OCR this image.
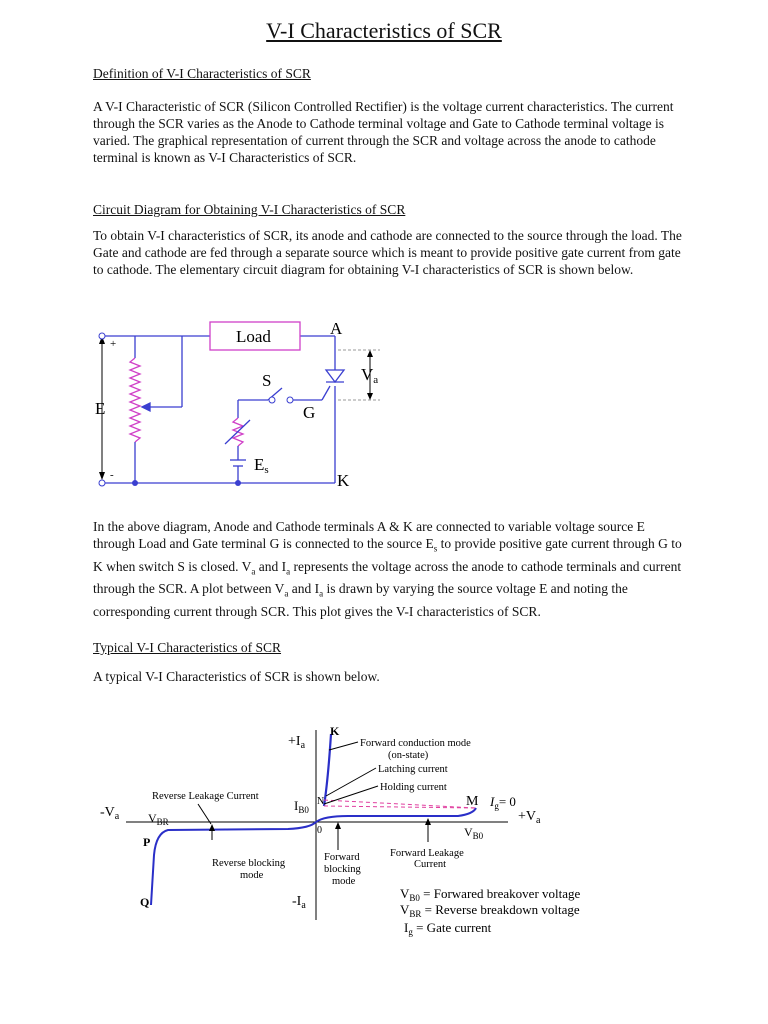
V-I Characteristics of SCR
Definition of V-I Characteristics of SCR

A V-I Characteristic of SCR (Silicon Controlled Rectifier) is the voltage current characteristics. The current through the SCR varies as the Anode to Cathode terminal voltage and Gate to Cathode terminal voltage is varied. The graphical representation of current through the SCR and voltage across the anode to cathode terminal is known as V-I Characteristics of SCR.

Circuit Diagram for Obtaining V-I Characteristics of SCR

To obtain V-I characteristics of SCR, its anode and cathode are connected to the source through the load. The Gate and cathode are fed through a separate source which is meant to provide positive gate current from gate to cathode. The elementary circuit diagram for obtaining V-I characteristics of SCR is shown below.

Load	A
K
S
G
E
Es
Va
+
-

In the above diagram, Anode and Cathode terminals A & K are connected to variable voltage source E through Load and Gate terminal G is connected to the source $E_s$ to provide positive gate current through G to K when switch S is closed. $V_a$ and $I_a$ represents the voltage across the anode to cathode terminals and current through the SCR. A plot between $V_a$ and $I_a$ is drawn by varying the source voltage E and noting the corresponding current through SCR. This plot gives the V-I characteristics of SCR.

Typical V-I Characteristics of SCR

A typical V-I Characteristics of SCR is shown below.

$+I_a$
$-I_a$
$-V_a$	$+V_a$
K
N	M
P
Q
0
$I_{B0}$
$V_{BR}$
$V_{B0}$
$I_g= 0$
Forward conduction mode
(on-state)
Latching current
Holding current
Reverse Leakage Current
Reverse blocking
mode
Forward
blocking
mode
Forward Leakage
Current
$V_{B0}$ = Forwared breakover voltage
$V_{BR}$ = Reverse breakdown voltage
$I_g$ = Gate current
